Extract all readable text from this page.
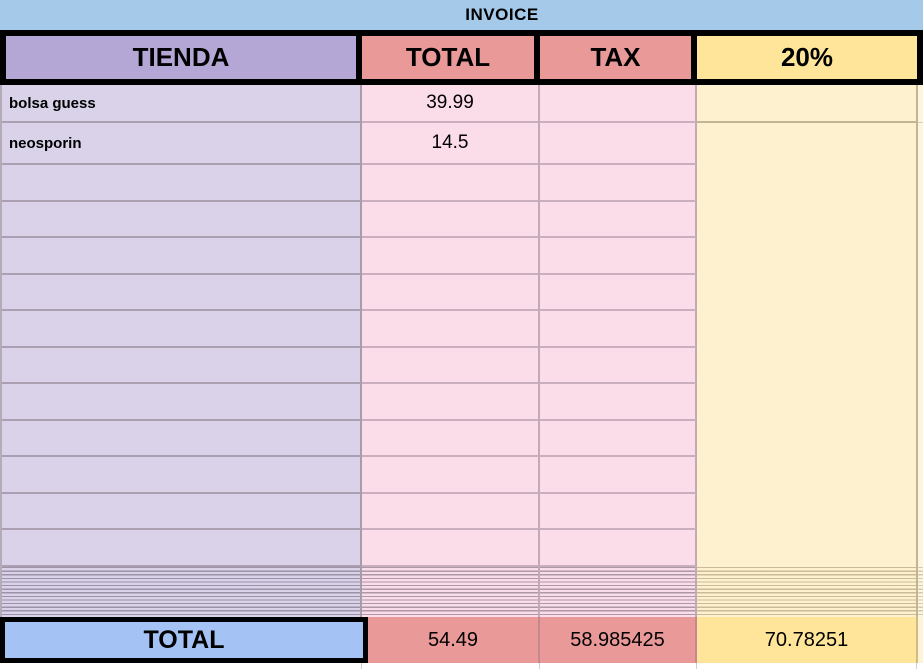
INVOICE
TIENDA	TOTAL	TAX	20%
bolsa guess	39.99
neosporin	14.5
TOTAL	54.49	58.985425	70.78251
